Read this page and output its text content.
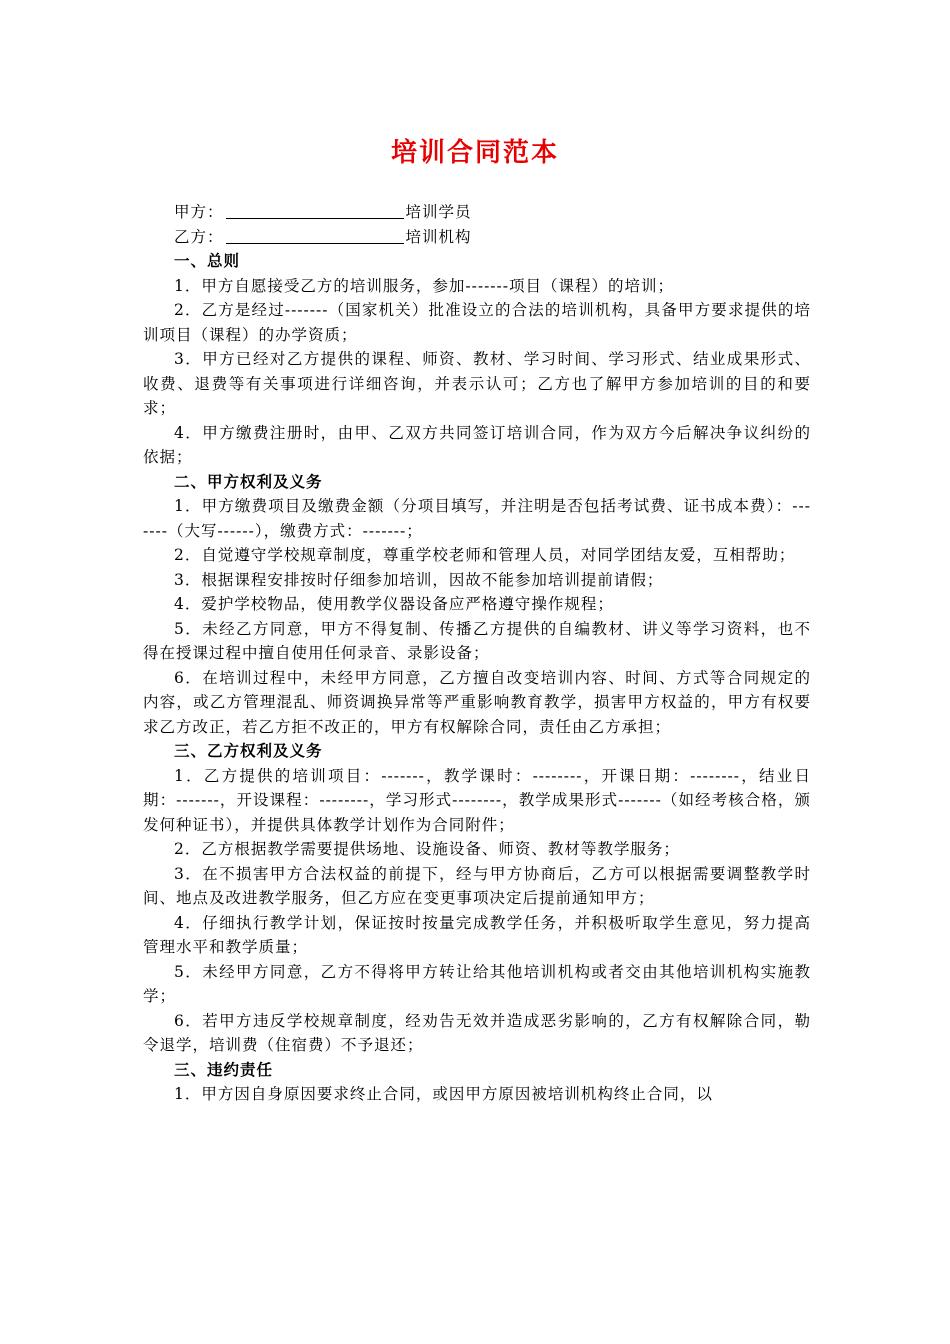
培训合同范本
甲方：	培训学员
乙方：	培训机构
一、总则

1．甲方自愿接受乙方的培训服务，参加-------项目（课程）的培训；

2．乙方是经过-------（国家机关）批准设立的合法的培训机构，具备甲方要求提供的培训项目（课程）的办学资质；

3．甲方已经对乙方提供的课程、师资、教材、学习时间、学习形式、结业成果形式、收费、退费等有关事项进行详细咨询，并表示认可；乙方也了解甲方参加培训的目的和要求；

4．甲方缴费注册时，由甲、乙双方共同签订培训合同，作为双方今后解决争议纠纷的依据；

二、甲方权利及义务

1．甲方缴费项目及缴费金额（分项目填写，并注明是否包括考试费、证书成本费）：-------（大写------），缴费方式：-------；

2．自觉遵守学校规章制度，尊重学校老师和管理人员，对同学团结友爱，互相帮助；

3．根据课程安排按时仔细参加培训，因故不能参加培训提前请假；

4．爱护学校物品，使用教学仪器设备应严格遵守操作规程；

5．未经乙方同意，甲方不得复制、传播乙方提供的自编教材、讲义等学习资料，也不得在授课过程中擅自使用任何录音、录影设备；

6．在培训过程中，未经甲方同意，乙方擅自改变培训内容、时间、方式等合同规定的内容，或乙方管理混乱、师资调换异常等严重影响教育教学，损害甲方权益的，甲方有权要求乙方改正，若乙方拒不改正的，甲方有权解除合同，责任由乙方承担；

三、乙方权利及义务

1．乙方提供的培训项目：-------，教学课时：--------，开课日期：--------，结业日期：-------，开设课程：--------，学习形式--------，教学成果形式-------（如经考核合格，颁发何种证书），并提供具体教学计划作为合同附件；

2．乙方根据教学需要提供场地、设施设备、师资、教材等教学服务；

3．在不损害甲方合法权益的前提下，经与甲方协商后，乙方可以根据需要调整教学时间、地点及改进教学服务，但乙方应在变更事项决定后提前通知甲方；

4．仔细执行教学计划，保证按时按量完成教学任务，并积极听取学生意见，努力提高管理水平和教学质量；

5．未经甲方同意，乙方不得将甲方转让给其他培训机构或者交由其他培训机构实施教学；

6．若甲方违反学校规章制度，经劝告无效并造成恶劣影响的，乙方有权解除合同，勒令退学，培训费（住宿费）不予退还；

三、违约责任

1．甲方因自身原因要求终止合同，或因甲方原因被培训机构终止合同，以
